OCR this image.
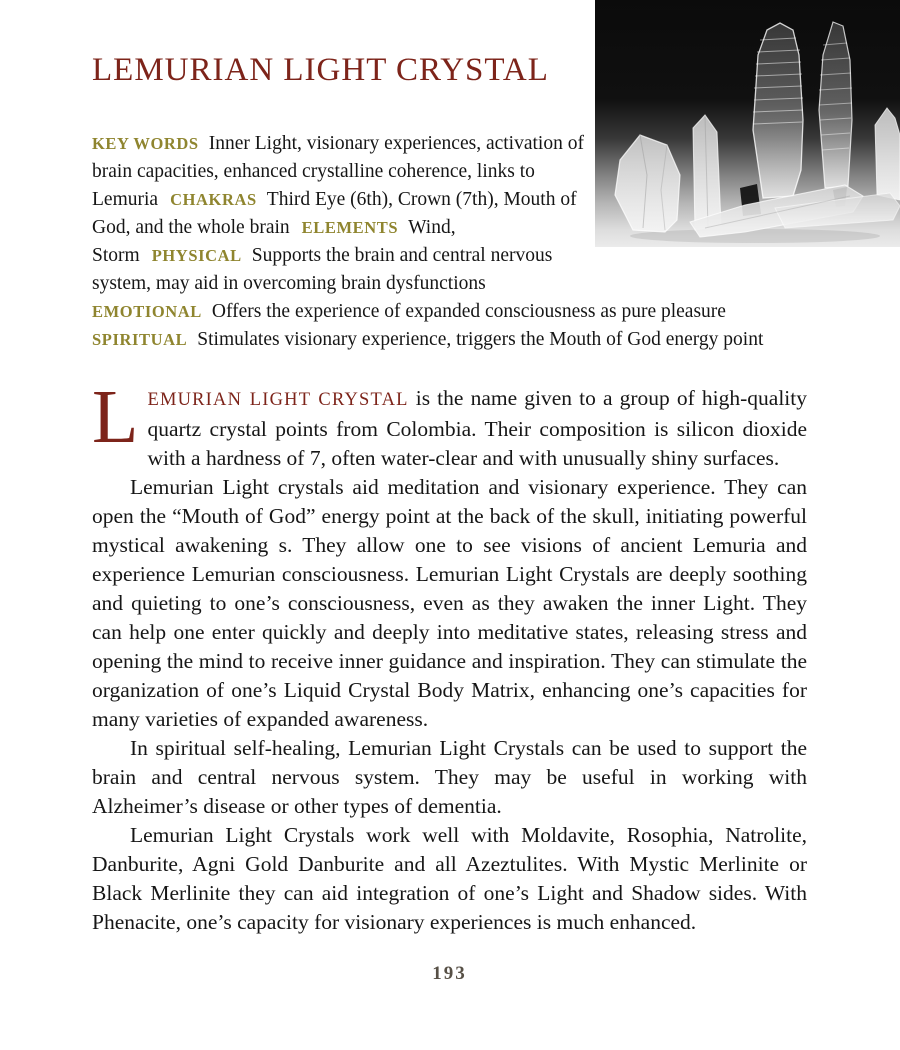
LEMURIAN LIGHT CRYSTAL

KEY WORDS Inner Light, visionary experiences, activation of brain capacities, enhanced crystalline coherence, links to Lemuria CHAKRAS Third Eye (6th), Crown (7th), Mouth of God, and the whole brain ELEMENTS Wind, Storm PHYSICAL Supports the brain and central nervous system, may aid in overcoming brain dysfunctions
EMOTIONAL Offers the experience of expanded consciousness as pure pleasure
SPIRITUAL Stimulates visionary experience, triggers the Mouth of God energy point

LEMURIAN LIGHT CRYSTAL is the name given to a group of high-quality quartz crystal points from Colombia. Their composition is silicon dioxide with a hardness of 7, often water-clear and with unusually shiny surfaces.

Lemurian Light crystals aid meditation and visionary experience. They can open the “Mouth of God” energy point at the back of the skull, initiating powerful mystical awakening s. They allow one to see visions of ancient Lemuria and experience Lemurian consciousness. Lemurian Light Crystals are deeply soothing and quieting to one’s consciousness, even as they awaken the inner Light. They can help one enter quickly and deeply into meditative states, releasing stress and opening the mind to receive inner guidance and inspiration. They can stimulate the organization of one’s Liquid Crystal Body Matrix, enhancing one’s capacities for many varieties of expanded awareness.

In spiritual self-healing, Lemurian Light Crystals can be used to support the brain and central nervous system. They may be useful in working with Alzheimer’s disease or other types of dementia.

Lemurian Light Crystals work well with Moldavite, Rosophia, Natrolite, Danburite, Agni Gold Danburite and all Azeztulites. With Mystic Merlinite or Black Merlinite they can aid integration of one’s Light and Shadow sides. With Phenacite, one’s capacity for visionary experiences is much enhanced.

193
